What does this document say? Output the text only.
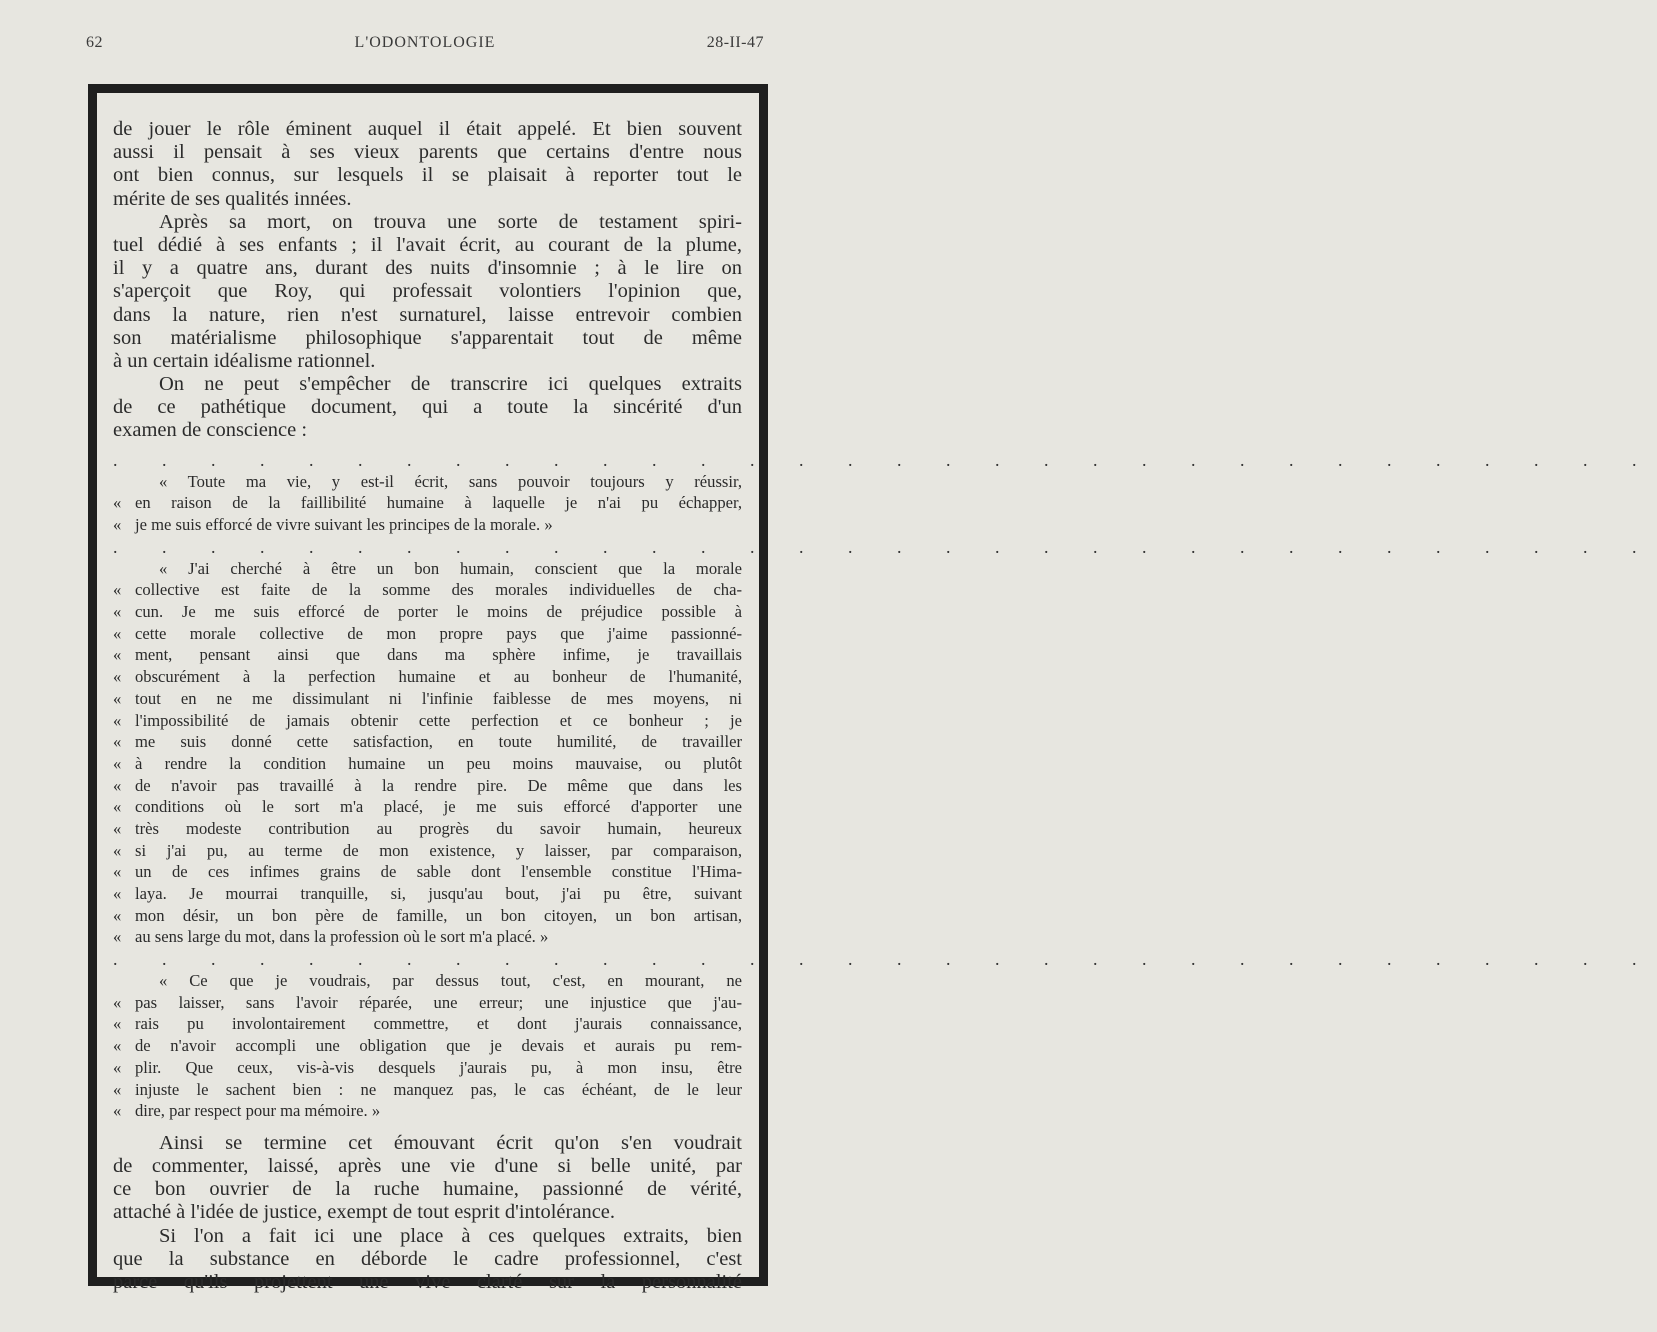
62	L'ODONTOLOGIE	28-II-47
de jouer le rôle éminent auquel il était appelé. Et bien souvent
aussi il pensait à ses vieux parents que certains d'entre nous
ont bien connus, sur lesquels il se plaisait à reporter tout le
mérite de ses qualités innées.
Après sa mort, on trouva une sorte de testament spiri-
tuel dédié à ses enfants ; il l'avait écrit, au courant de la plume,
il y a quatre ans, durant des nuits d'insomnie ; à le lire on
s'aperçoit que Roy, qui professait volontiers l'opinion que,
dans la nature, rien n'est surnaturel, laisse entrevoir combien
son matérialisme philosophique s'apparentait tout de même
à un certain idéalisme rationnel.
On ne peut s'empêcher de transcrire ici quelques extraits
de ce pathétique document, qui a toute la sincérité d'un
examen de conscience :
. . . . . . . . . . . . . . . . . . . . . . . . . . . . . . . .
« Toute ma vie, y est-il écrit, sans pouvoir toujours y réussir,
« en raison de la faillibilité humaine à laquelle je n'ai pu échapper,
« je me suis efforcé de vivre suivant les principes de la morale. »
. . . . . . . . . . . . . . . . . . . . . . . . . . . . . . . .
« J'ai cherché à être un bon humain, conscient que la morale
« collective est faite de la somme des morales individuelles de cha-
« cun. Je me suis efforcé de porter le moins de préjudice possible à
« cette morale collective de mon propre pays que j'aime passionné-
« ment, pensant ainsi que dans ma sphère infime, je travaillais
« obscurément à la perfection humaine et au bonheur de l'humanité,
« tout en ne me dissimulant ni l'infinie faiblesse de mes moyens, ni
« l'impossibilité de jamais obtenir cette perfection et ce bonheur ; je
« me suis donné cette satisfaction, en toute humilité, de travailler
« à rendre la condition humaine un peu moins mauvaise, ou plutôt
« de n'avoir pas travaillé à la rendre pire. De même que dans les
« conditions où le sort m'a placé, je me suis efforcé d'apporter une
« très modeste contribution au progrès du savoir humain, heureux
« si j'ai pu, au terme de mon existence, y laisser, par comparaison,
« un de ces infimes grains de sable dont l'ensemble constitue l'Hima-
« laya. Je mourrai tranquille, si, jusqu'au bout, j'ai pu être, suivant
« mon désir, un bon père de famille, un bon citoyen, un bon artisan,
« au sens large du mot, dans la profession où le sort m'a placé. »
. . . . . . . . . . . . . . . . . . . . . . . . . . . . . . . .
« Ce que je voudrais, par dessus tout, c'est, en mourant, ne
« pas laisser, sans l'avoir réparée, une erreur; une injustice que j'au-
« rais pu involontairement commettre, et dont j'aurais connaissance,
« de n'avoir accompli une obligation que je devais et aurais pu rem-
« plir. Que ceux, vis-à-vis desquels j'aurais pu, à mon insu, être
« injuste le sachent bien : ne manquez pas, le cas échéant, de le leur
« dire, par respect pour ma mémoire. »
Ainsi se termine cet émouvant écrit qu'on s'en voudrait
de commenter, laissé, après une vie d'une si belle unité, par
ce bon ouvrier de la ruche humaine, passionné de vérité,
attaché à l'idée de justice, exempt de tout esprit d'intolérance.
Si l'on a fait ici une place à ces quelques extraits, bien
que la substance en déborde le cadre professionnel, c'est
parce qu'ils projettent une vive clarté sur la personnalité
